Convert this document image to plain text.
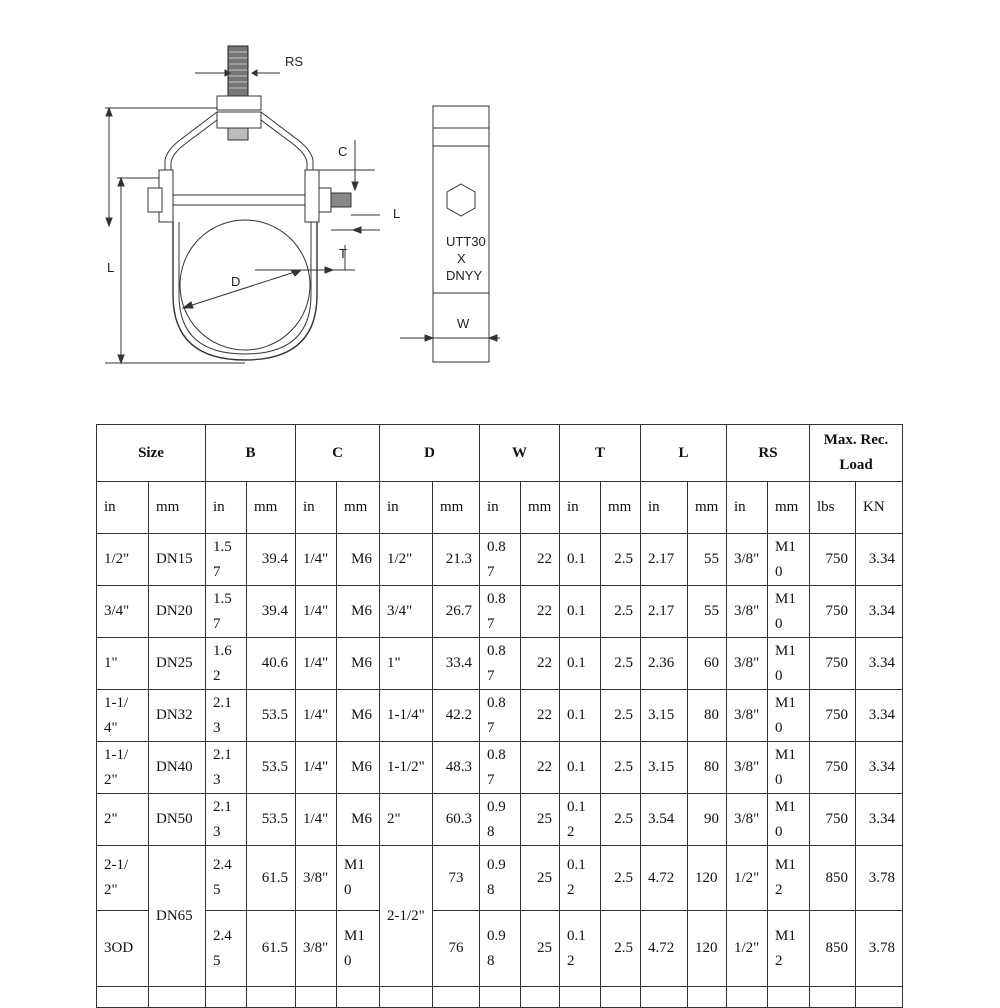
RS
C
L
T
D
L
W
UTT30
X
DNYY
Size		B		C		D		W		T		L		RS		Max. Rec. Load	
in	mm	in	mm	in	mm	in	mm	in	mm	in	mm	in	mm	in	mm	lbs	KN
1/2"	DN15	1.57	39.4	1/4"	M6	1/2"	21.3	0.87	22	0.1	2.5	2.17	55	3/8"	M10	750	3.34
3/4"	DN20	1.57	39.4	1/4"	M6	3/4"	26.7	0.87	22	0.1	2.5	2.17	55	3/8"	M10	750	3.34
1"	DN25	1.62	40.6	1/4"	M6	1"	33.4	0.87	22	0.1	2.5	2.36	60	3/8"	M10	750	3.34
1-1/4"	DN32	2.13	53.5	1/4"	M6	1-1/4"	42.2	0.87	22	0.1	2.5	3.15	80	3/8"	M10	750	3.34
1-1/2"	DN40	2.13	53.5	1/4"	M6	1-1/2"	48.3	0.87	22	0.1	2.5	3.15	80	3/8"	M10	750	3.34
2"	DN50	2.13	53.5	1/4"	M6	2"	60.3	0.98	25	0.12	2.5	3.54	90	3/8"	M10	750	3.34
2-1/2"	DN65	2.45	61.5	3/8"	M10	2-1/2"	73	0.98	25	0.12	2.5	4.72	120	1/2"	M12	850	3.78
3OD		2.45	61.5	3/8"	M10		76	0.98	25	0.12	2.5	4.72	120	1/2"	M12	850	3.78
